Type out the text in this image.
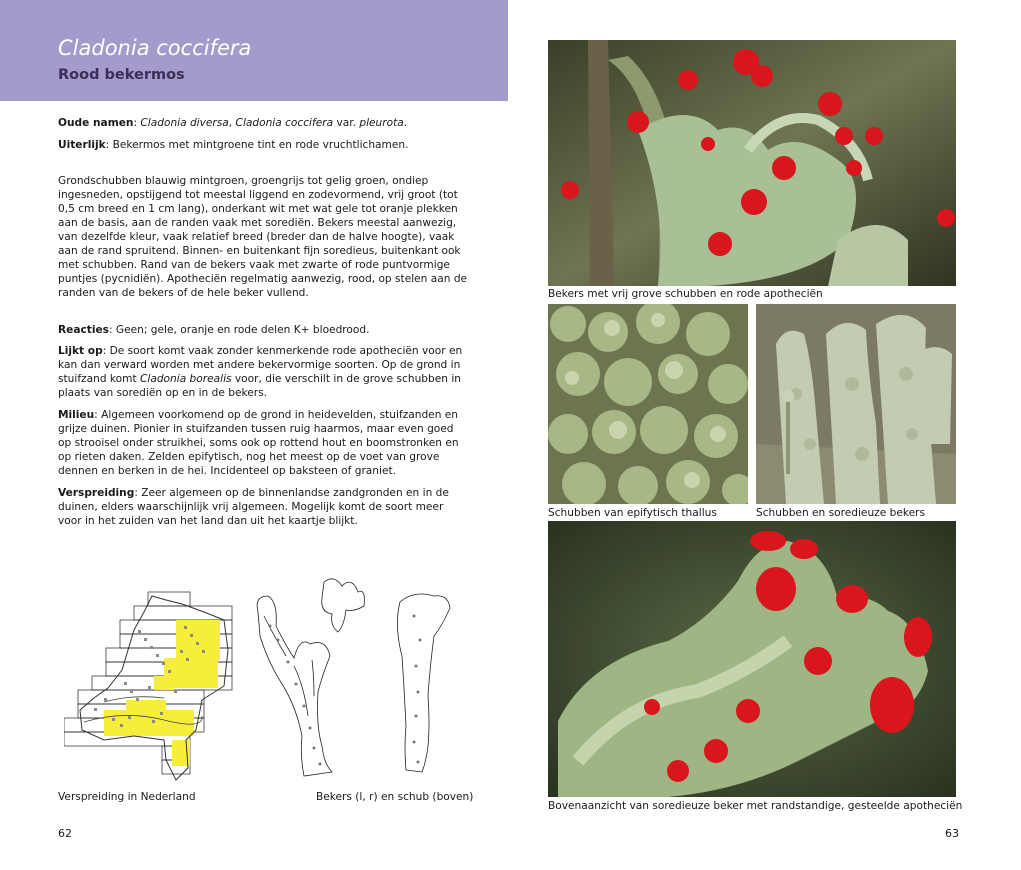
Cladonia coccifera
Rood bekermos

Oude namen: Cladonia diversa, Cladonia coccifera var. pleurota.

Uiterlijk: Bekermos met mintgroene tint en rode vruchtlichamen.

Grondschubben blauwig mintgroen, groengrijs tot gelig groen, ondiep ingesneden, opstijgend tot meestal liggend en zodevormend, vrij groot (tot 0,5 cm breed en 1 cm lang), onderkant wit met wat gele tot oranje plekken aan de basis, aan de randen vaak met sorediën. Bekers meestal aanwezig, van dezelfde kleur, vaak relatief breed (breder dan de halve hoogte), vaak aan de rand spruitend. Binnen- en buitenkant fijn sorediеus, buitenkant ook met schubben. Rand van de bekers vaak met zwarte of rode puntvormige puntjes (pycnidiën). Apotheciën regelmatig aanwezig, rood, op stelen aan de randen van de bekers of de hele beker vullend.

Reacties: Geen; gele, oranje en rode delen K+ bloedrood.

Lijkt op: De soort komt vaak zonder kenmerkende rode apotheciën voor en kan dan verward worden met andere bekervormige soorten. Op de grond in stuifzand komt Cladonia borealis voor, die verschilt in de grove schubben in plaats van sorediën op en in de bekers.

Milieu: Algemeen voorkomend op de grond in heidevelden, stuifzanden en grijze duinen. Pionier in stuifzanden tussen ruig haarmos, maar even goed op strooisel onder struikhei, soms ook op rottend hout en boomstronken en op rieten daken. Zelden epifytisch, nog het meest op de voet van grove dennen en berken in de hei. Incidenteel op baksteen of graniet.

Verspreiding: Zeer algemeen op de binnenlandse zandgronden en in de duinen, elders waarschijnlijk vrij algemeen. Mogelijk komt de soort meer voor in het zuiden van het land dan uit het kaartje blijkt.

Verspreiding in Nederland	Bekers (l, r) en schub (boven)
62
Bekers met vrij grove schubben en rode apotheciën
Schubben van epifytisch thallus	Schubben en sorediеuze bekers
Bovenaanzicht van sorediеuze beker met randstandige, gesteelde apotheciën
63
